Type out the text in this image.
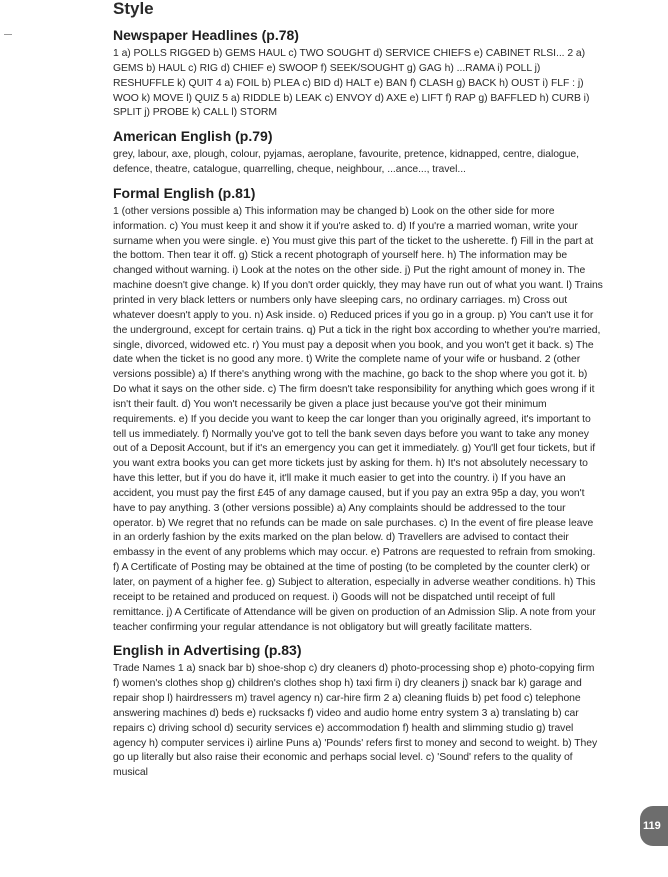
Style
Newspaper Headlines (p.78)

1 a) POLLS RIGGED b) GEMS HAUL c) TWO SOUGHT d) SERVICE CHIEFS e) CABINET RLSI... 2 a) GEMS b) HAUL c) RIG d) CHIEF e) SWOOP f) SEEK/SOUGHT g) GAG h) ...RAMA i) POLL j) RESHUFFLE k) QUIT 4 a) FOIL b) PLEA c) BID d) HALT e) BAN f) CLASH g) BACK h) OUST i) FLF : j) WOO k) MOVE l) QUIZ 5 a) RIDDLE b) LEAK c) ENVOY d) AXE e) LIFT f) RAP g) BAFFLED h) CURB i) SPLIT j) PROBE k) CALL l) STORM

American English (p.79)

grey, labour, axe, plough, colour, pyjamas, aeroplane, favourite, pretence, kidnapped, centre, dialogue, defence, theatre, catalogue, quarrelling, cheque, neighbour, ...ance..., travel...

Formal English (p.81)

1 (other versions possible a) This information may be changed b) Look on the other side for more information. c) You must keep it and show it if you're asked to. d) If you're a married woman, write your surname when you were single. e) You must give this part of the ticket to the usherette. f) Fill in the part at the bottom. Then tear it off. g) Stick a recent photograph of yourself here. h) The information may be changed without warning. i) Look at the notes on the other side. j) Put the right amount of money in. The machine doesn't give change. k) If you don't order quickly, they may have run out of what you want. l) Trains printed in very black letters or numbers only have sleeping cars, no ordinary carriages. m) Cross out whatever doesn't apply to you. n) Ask inside. o) Reduced prices if you go in a group. p) You can't use it for the underground, except for certain trains. q) Put a tick in the right box according to whether you're married, single, divorced, widowed etc. r) You must pay a deposit when you book, and you won't get it back. s) The date when the ticket is no good any more. t) Write the complete name of your wife or husband. 2 (other versions possible) a) If there's anything wrong with the machine, go back to the shop where you got it. b) Do what it says on the other side. c) The firm doesn't take responsibility for anything which goes wrong if it isn't their fault. d) You won't necessarily be given a place just because you've got their minimum requirements. e) If you decide you want to keep the car longer than you originally agreed, it's important to tell us immediately. f) Normally you've got to tell the bank seven days before you want to take any money out of a Deposit Account, but if it's an emergency you can get it immediately. g) You'll get four tickets, but if you want extra books you can get more tickets just by asking for them. h) It's not absolutely necessary to have this letter, but if you do have it, it'll make it much easier to get into the country. i) If you have an accident, you must pay the first £45 of any damage caused, but if you pay an extra 95p a day, you won't have to pay anything. 3 (other versions possible) a) Any complaints should be addressed to the tour operator. b) We regret that no refunds can be made on sale purchases. c) In the event of fire please leave in an orderly fashion by the exits marked on the plan below. d) Travellers are advised to contact their embassy in the event of any problems which may occur. e) Patrons are requested to refrain from smoking. f) A Certificate of Posting may be obtained at the time of posting (to be completed by the counter clerk) or later, on payment of a higher fee. g) Subject to alteration, especially in adverse weather conditions. h) This receipt to be retained and produced on request. i) Goods will not be dispatched until receipt of full remittance. j) A Certificate of Attendance will be given on production of an Admission Slip. A note from your teacher confirming your regular attendance is not obligatory but will greatly facilitate matters.

English in Advertising (p.83)

Trade Names 1 a) snack bar b) shoe-shop c) dry cleaners d) photo-processing shop e) photo-copying firm f) women's clothes shop g) children's clothes shop h) taxi firm i) dry cleaners j) snack bar k) garage and repair shop l) hairdressers m) travel agency n) car-hire firm 2 a) cleaning fluids b) pet food c) telephone answering machines d) beds e) rucksacks f) video and audio home entry system 3 a) translating b) car repairs c) driving school d) security services e) accommodation f) health and slimming studio g) travel agency h) computer services i) airline Puns a) 'Pounds' refers first to money and second to weight. b) They go up literally but also raise their economic and perhaps social level. c) 'Sound' refers to the quality of musical

119
